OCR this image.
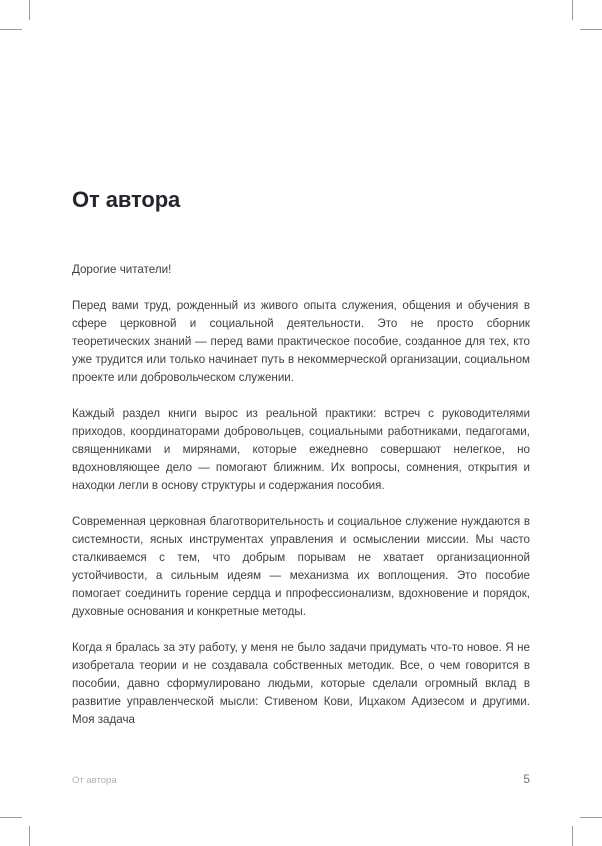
От автора

Дорогие читатели!

Перед вами труд, рожденный из живого опыта служения, общения и обучения в сфере церковной и социальной деятельности. Это не просто сборник теоретических знаний — перед вами практическое пособие, созданное для тех, кто уже трудится или только начинает путь в некоммерческой организации, социальном проекте или добровольческом служении.

Каждый раздел книги вырос из реальной практики: встреч с руководителями приходов, координаторами добровольцев, социальными работниками, педагогами, священниками и мирянами, которые ежедневно совершают нелегкое, но вдохновляющее дело — помогают ближним. Их вопросы, сомнения, открытия и находки легли в основу структуры и содержания пособия.

Современная церковная благотворительность и социальное служение нуждаются в системности, ясных инструментах управления и осмыслении миссии. Мы часто сталкиваемся с тем, что добрым порывам не хватает организационной устойчивости, а сильным идеям — механизма их воплощения. Это пособие помогает соединить горение сердца и ппрофессионализм, вдохновение и порядок, духовные основания и конкретные методы.

Когда я бралась за эту работу, у меня не было задачи придумать что-то новое. Я не изобретала теории и не создавала собственных методик. Все, о чем говорится в пособии, давно сформулировано людьми, которые сделали огромный вклад в развитие управленческой мысли: Стивеном Кови, Ицхаком Адизесом и другими. Моя задача

От автора	5
